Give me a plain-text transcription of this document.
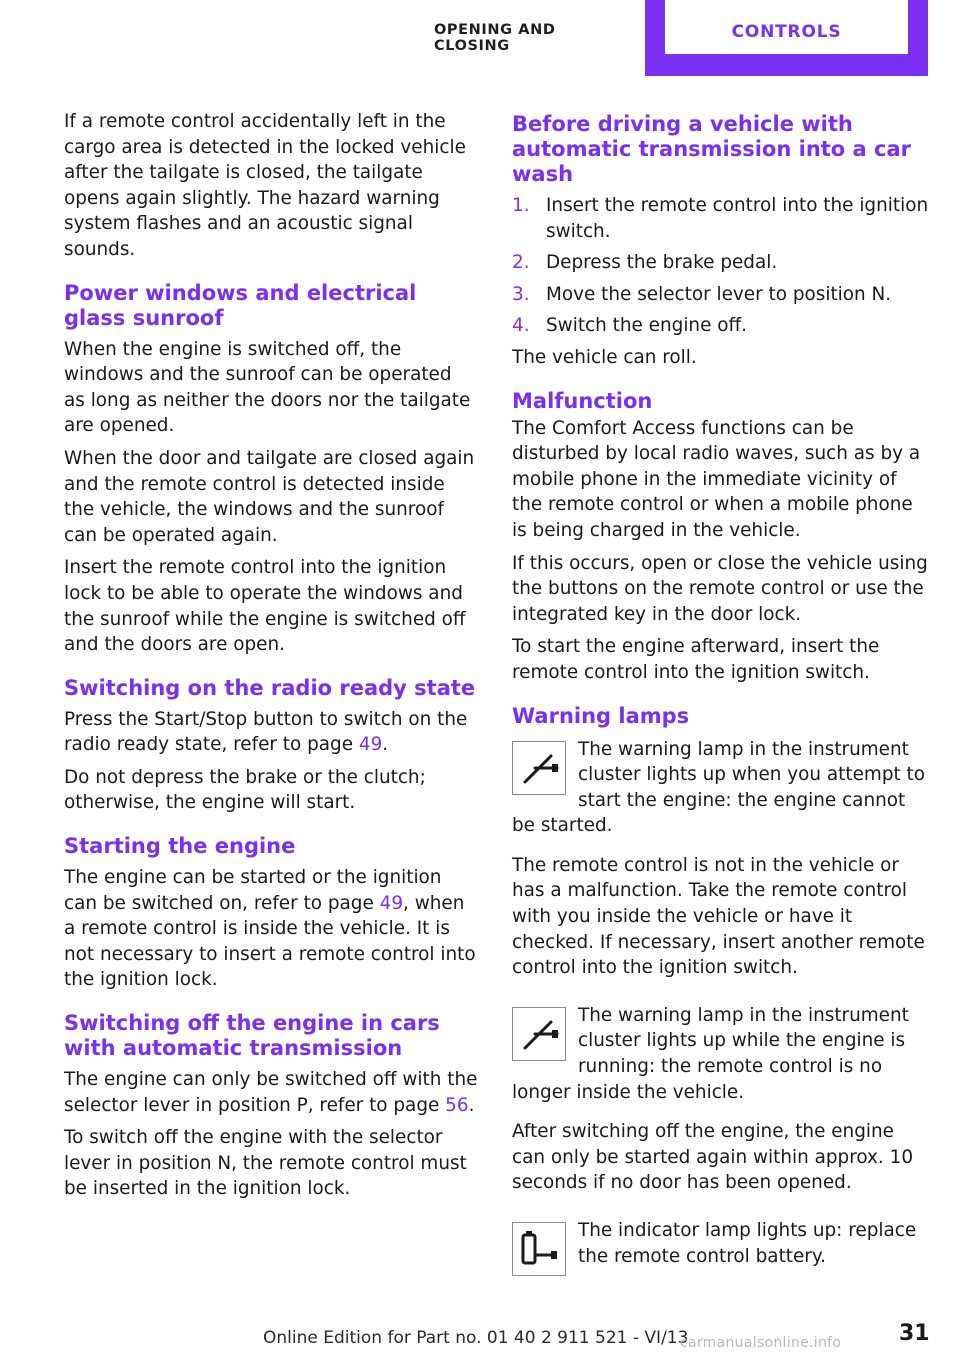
OPENING AND CLOSING
CONTROLS

If a remote control accidentally left in the cargo area is detected in the locked vehicle after the tailgate is closed, the tailgate opens again slightly. The hazard warning system flashes and an acoustic signal sounds.

Power windows and electrical glass sunroof

When the engine is switched off, the windows and the sunroof can be operated as long as neither the doors nor the tailgate are opened.

When the door and tailgate are closed again and the remote control is detected inside the vehicle, the windows and the sunroof can be operated again.

Insert the remote control into the ignition lock to be able to operate the windows and the sunroof while the engine is switched off and the doors are open.

Switching on the radio ready state

Press the Start/Stop button to switch on the radio ready state, refer to page 49.

Do not depress the brake or the clutch; otherwise, the engine will start.

Starting the engine

The engine can be started or the ignition can be switched on, refer to page 49, when a remote control is inside the vehicle. It is not necessary to insert a remote control into the ignition lock.

Switching off the engine in cars with automatic transmission

The engine can only be switched off with the selector lever in position P, refer to page 56.

To switch off the engine with the selector lever in position N, the remote control must be inserted in the ignition lock.

Before driving a vehicle with automatic transmission into a car wash
1. Insert the remote control into the ignition switch.
2. Depress the brake pedal.
3. Move the selector lever to position N.
4. Switch the engine off.

The vehicle can roll.

Malfunction

The Comfort Access functions can be disturbed by local radio waves, such as by a mobile phone in the immediate vicinity of the remote control or when a mobile phone is being charged in the vehicle.

If this occurs, open or close the vehicle using the buttons on the remote control or use the integrated key in the door lock.

To start the engine afterward, insert the remote control into the ignition switch.

Warning lamps

The warning lamp in the instrument cluster lights up when you attempt to start the engine: the engine cannot be started.

The remote control is not in the vehicle or has a malfunction. Take the remote control with you inside the vehicle or have it checked. If necessary, insert another remote control into the ignition switch.

The warning lamp in the instrument cluster lights up while the engine is running: the remote control is no longer inside the vehicle.

After switching off the engine, the engine can only be started again within approx. 10 seconds if no door has been opened.

The indicator lamp lights up: replace the remote control battery.

Online Edition for Part no. 01 40 2 911 521 - VI/13
carmanualsonline.info	31
